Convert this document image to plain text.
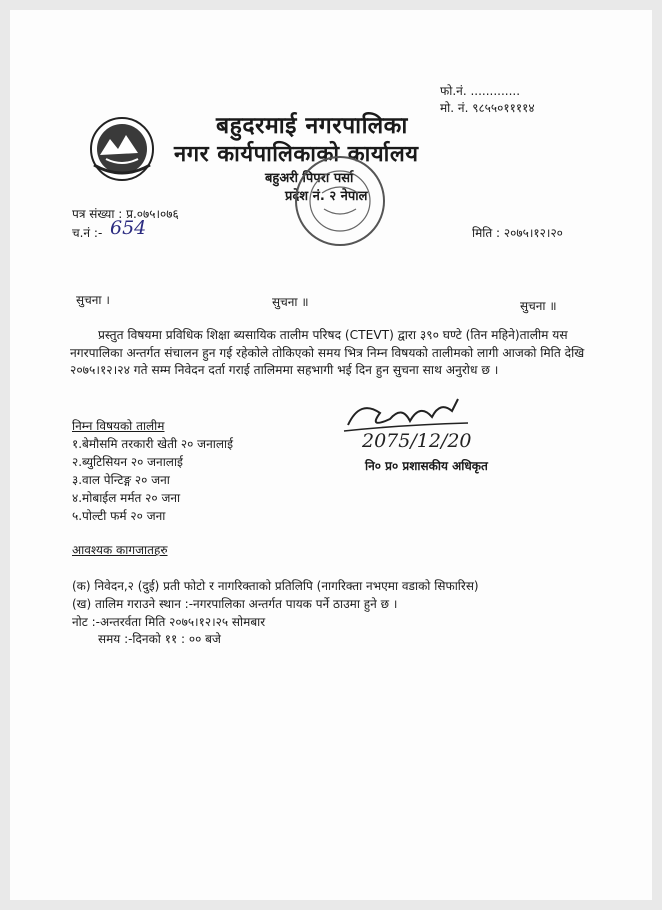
फो.नं. .............
मो. नं. ९८५५०११११४
बहुदरमाई नगरपालिका
नगर कार्यपालिकाको कार्यालय
बहुअरी पिपरा पर्सा
प्रदेश नं. २ नेपाल
पत्र संख्या : प्र.०७५।०७६
च.नं :- 654	मिति : २०७५।१२।२०
सुचना ।	सुचना ॥	सुचना ॥
प्रस्तुत विषयमा प्रविधिक शिक्षा ब्यसायिक तालीम परिषद (CTEVT) द्वारा ३९० घण्टे (तिन महिने)तालीम यस नगरपालिका अन्तर्गत संचालन हुन गई रहेकोले तोकिएको समय भित्र निम्न विषयको तालीमको लागी आजको मिति देखि २०७५।१२।२४ गते सम्म निवेदन दर्ता गराई तालिममा सहभागी भई दिन हुन सुचना साथ अनुरोध छ ।
2075/12/20
नि० प्र० प्रशासकीय अधिकृत
निम्न विषयको तालीम
१.बेमौसमि तरकारी खेती २० जनालाई
२.ब्युटिसियन २० जनालाई
३.वाल पेन्टिङ्ग २० जना
४.मोबाईल मर्मत २० जना
५.पोल्टी फर्म २० जना
आवश्यक कागजातहरु
(क) निवेदन,२ (दुई) प्रती फोटो र नागरिक्ताको प्रतिलिपि (नागरिक्ता नभएमा वडाको सिफारिस)
(ख) तालिम गराउने स्थान :-नगरपालिका अन्तर्गत पायक पर्ने ठाउमा हुने छ ।
नोट :-अन्तरर्वता मिति २०७५।१२।२५ सोमबार
समय :-दिनको ११ : ०० बजे
